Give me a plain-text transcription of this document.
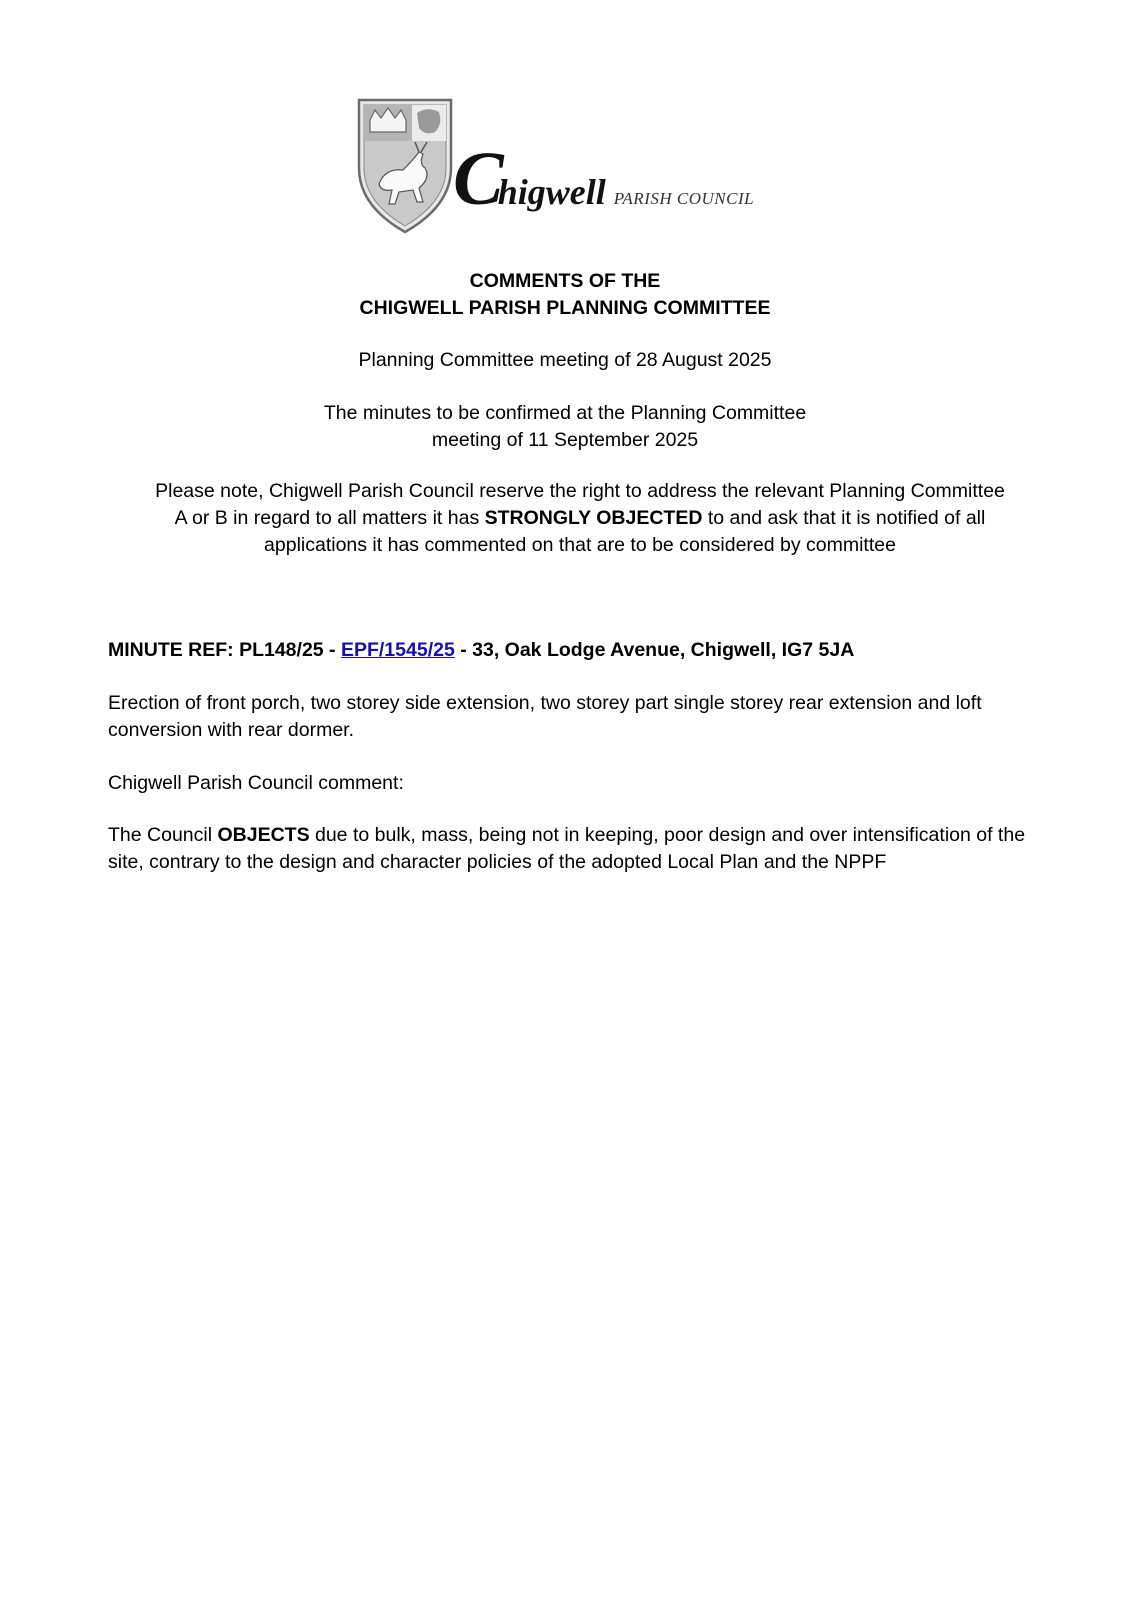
Chigwell PARISH COUNCIL
COMMENTS OF THE
CHIGWELL PARISH PLANNING COMMITTEE
Planning Committee meeting of 28 August 2025
The minutes to be confirmed at the Planning Committee
meeting of 11 September 2025
Please note, Chigwell Parish Council reserve the right to address the relevant Planning Committee A or B in regard to all matters it has STRONGLY OBJECTED to and ask that it is notified of all applications it has commented on that are to be considered by committee
MINUTE REF: PL148/25 - EPF/1545/25 - 33, Oak Lodge Avenue, Chigwell, IG7 5JA
Erection of front porch, two storey side extension, two storey part single storey rear extension and loft conversion with rear dormer.
Chigwell Parish Council comment:
The Council OBJECTS due to bulk, mass, being not in keeping, poor design and over intensification of the site, contrary to the design and character policies of the adopted Local Plan and the NPPF
